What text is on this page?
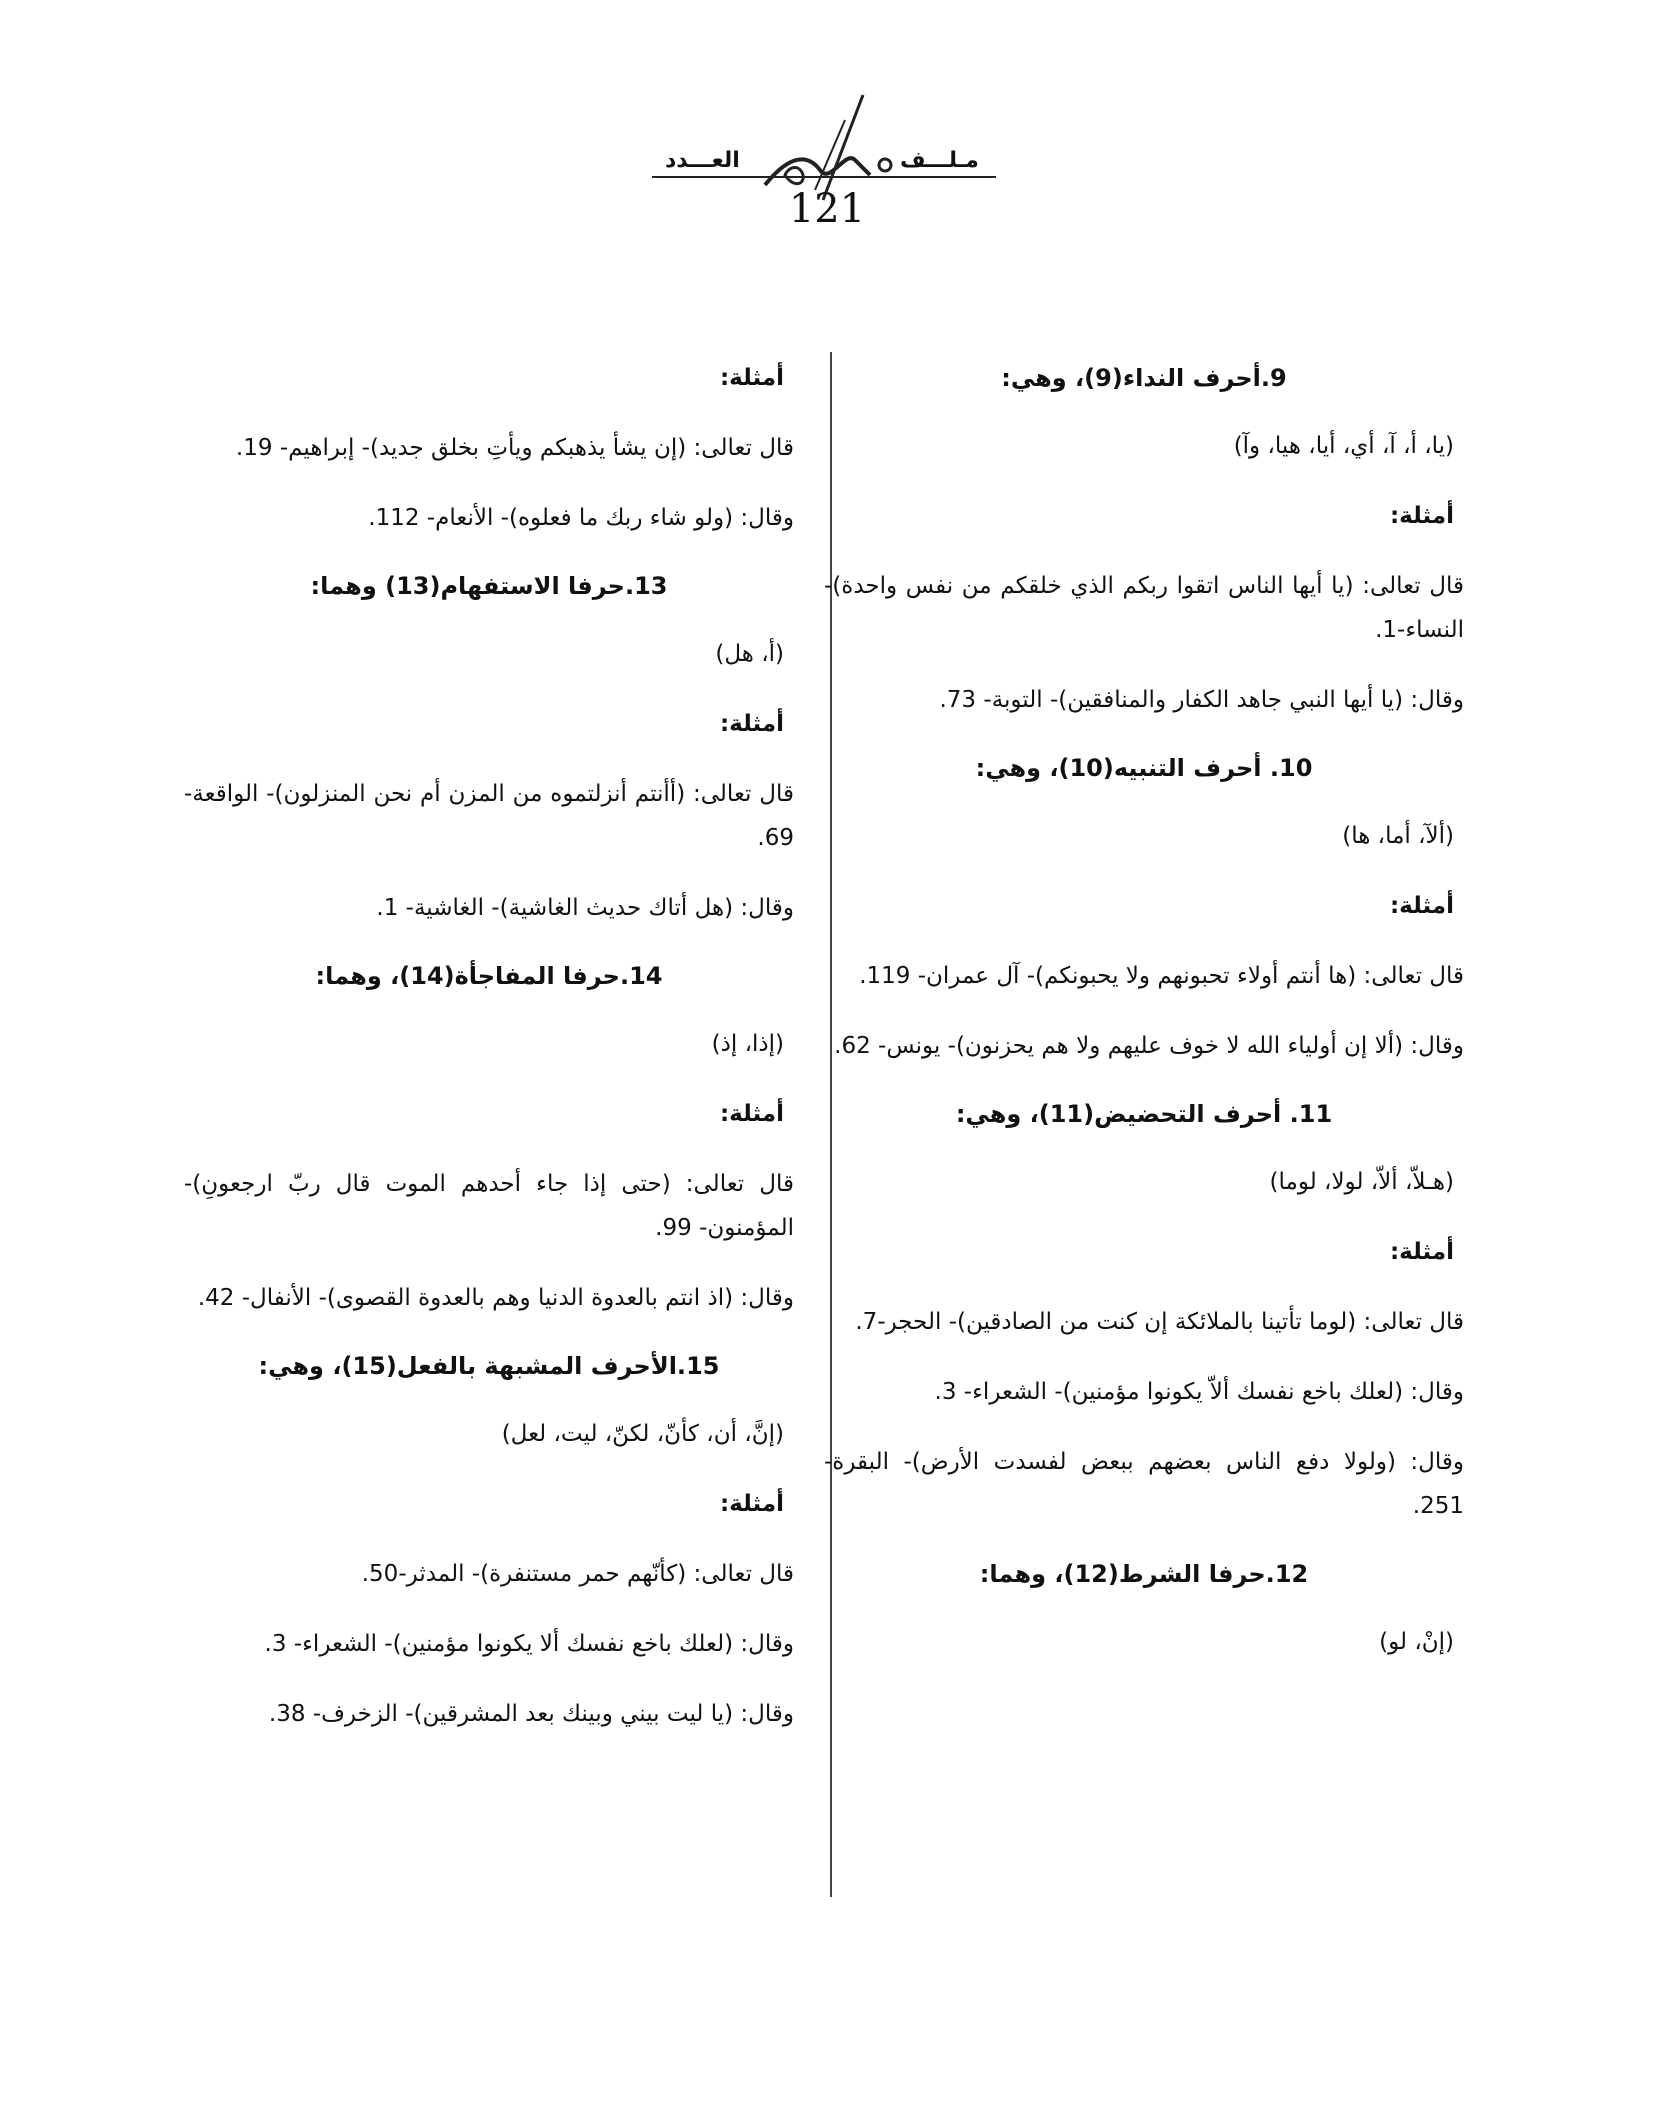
العـــدد	مـلـــف
121

9.أحرف النداء(9)، وهي:

(يا، أ، آ، أي، أيا، هيا، وآ)

أمثلة:

قال تعالى: (يا أيها الناس اتقوا ربكم الذي خلقكم من نفس واحدة)- النساء-1.

وقال: (يا أيها النبي جاهد الكفار والمنافقين)- التوبة- 73.

10. أحرف التنبيه(10)، وهي:

(ألآ، أما، ها)

أمثلة:

قال تعالى: (ها أنتم أولاء تحبونهم ولا يحبونكم)- آل عمران- 119.

وقال: (ألا إن أولياء الله لا خوف عليهم ولا هم يحزنون)- يونس- 62.

11. أحرف التحضيض(11)، وهي:

(هـلاّ، ألاّ، لولا، لوما)

أمثلة:

قال تعالى: (لوما تأتينا بالملائكة إن كنت من الصادقين)- الحجر-7.

وقال: (لعلك باخع نفسك ألاّ يكونوا مؤمنين)- الشعراء- 3.

وقال: (ولولا دفع الناس بعضهم ببعض لفسدت الأرض)- البقرة- 251.

12.حرفا الشرط(12)، وهما:

(إنْ، لو)

أمثلة:

قال تعالى: (إن يشأ يذهبكم ويأتِ بخلق جديد)- إبراهيم- 19.

وقال: (ولو شاء ربك ما فعلوه)- الأنعام- 112.

13.حرفا الاستفهام(13) وهما:

(أ، هل)

أمثلة:

قال تعالى: (أأنتم أنزلتموه من المزن أم نحن المنزلون)- الواقعة- 69.

وقال: (هل أتاك حديث الغاشية)- الغاشية- 1.

14.حرفا المفاجأة(14)، وهما:

(إذا، إذ)

أمثلة:

قال تعالى: (حتى إذا جاء أحدهم الموت قال ربّ ارجعونِ)- المؤمنون- 99.

وقال: (اذ انتم بالعدوة الدنيا وهم بالعدوة القصوى)- الأنفال- 42.

15.الأحرف المشبهة بالفعل(15)، وهي:

(إنَّ، أن، كأنّ، لكنّ، ليت، لعل)

أمثلة:

قال تعالى: (كأنّهم حمر مستنفرة)- المدثر-50.

وقال: (لعلك باخع نفسك ألا يكونوا مؤمنين)- الشعراء- 3.

وقال: (يا ليت بيني وبينك بعد المشرقين)- الزخرف- 38.
